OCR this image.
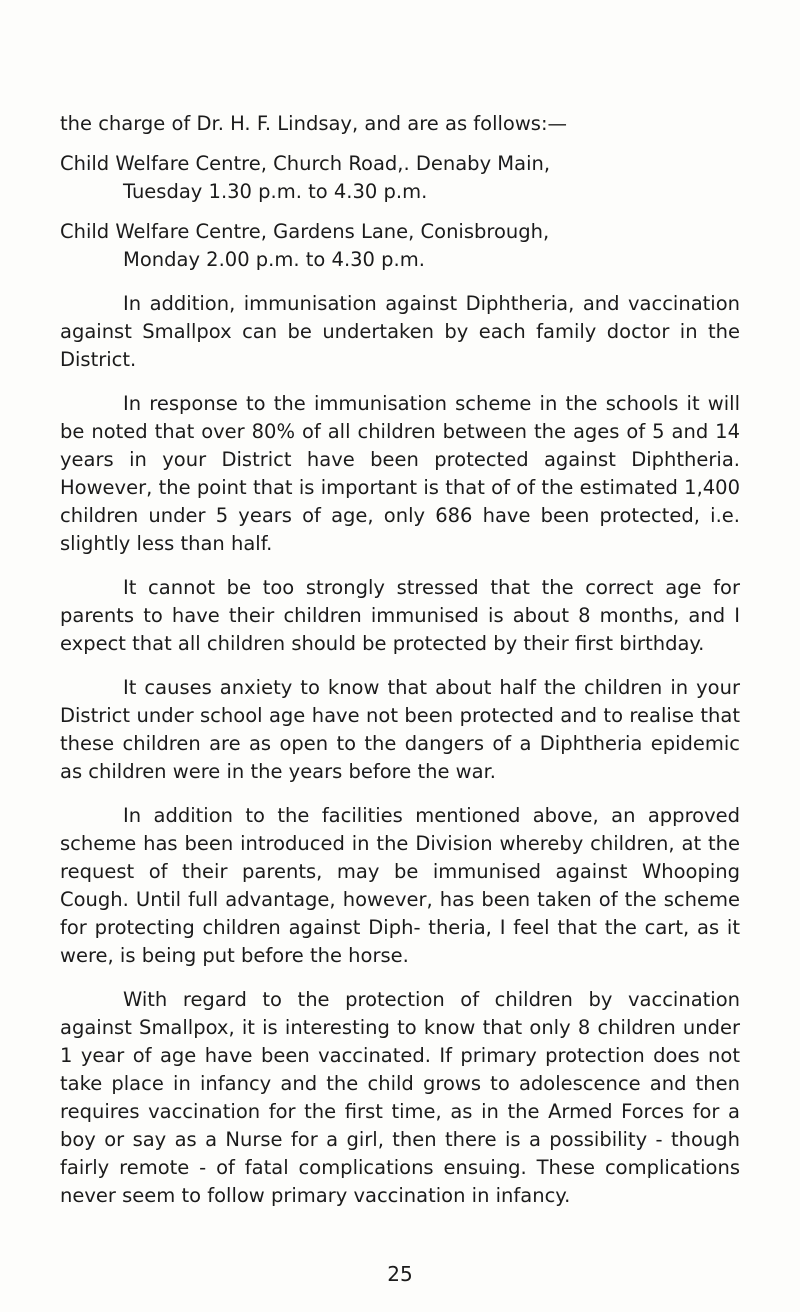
the charge of Dr. H. F. Lindsay, and are as follows:—

Child Welfare Centre, Church Road,. Denaby Main,
Tuesday 1.30 p.m. to 4.30 p.m.
Child Welfare Centre, Gardens Lane, Conisbrough,
Monday 2.00 p.m. to 4.30 p.m.

In addition, immunisation against Diphtheria, and vaccination against Smallpox can be undertaken by each family doctor in the District.

In response to the immunisation scheme in the schools it will be noted that over 80% of all children between the ages of 5 and 14 years in your District have been protected against Diphtheria. However, the point that is important is that of of the estimated 1,400 children under 5 years of age, only 686 have been protected, i.e. slightly less than half.

It cannot be too strongly stressed that the correct age for parents to have their children immunised is about 8 months, and I expect that all children should be protected by their first birthday.

It causes anxiety to know that about half the children in your District under school age have not been protected and to realise that these children are as open to the dangers of a Diphtheria epidemic as children were in the years before the war.

In addition to the facilities mentioned above, an approved scheme has been introduced in the Division whereby children, at the request of their parents, may be immunised against Whooping Cough. Until full advantage, however, has been taken of the scheme for protecting children against Diph- theria, I feel that the cart, as it were, is being put before the horse.

With regard to the protection of children by vaccination against Smallpox, it is interesting to know that only 8 children under 1 year of age have been vaccinated. If primary protection does not take place in infancy and the child grows to adolescence and then requires vaccination for the first time, as in the Armed Forces for a boy or say as a Nurse for a girl, then there is a possibility - though fairly remote - of fatal complications ensuing. These complications never seem to follow primary vaccination in infancy.

25
